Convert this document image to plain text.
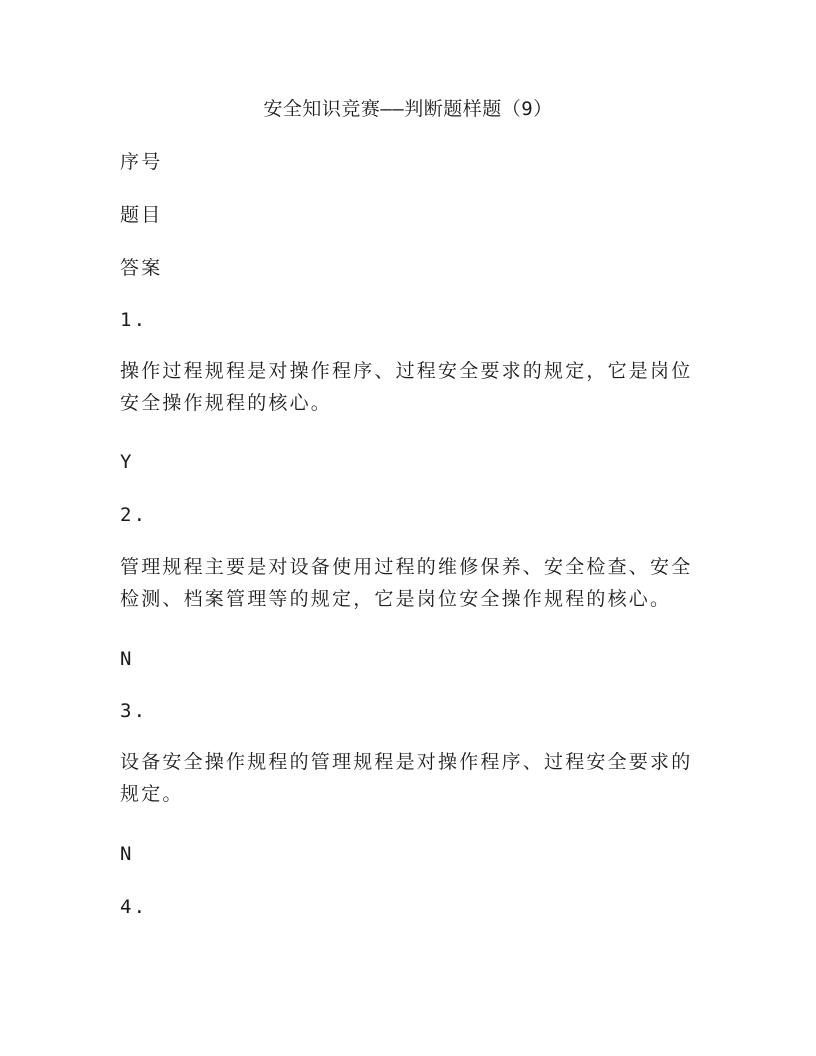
安全知识竞赛——判断题样题（9）
序号
题目
答案
1.
操作过程规程是对操作程序、过程安全要求的规定，它是岗位安全操作规程的核心。
Y
2.
管理规程主要是对设备使用过程的维修保养、安全检查、安全检测、档案管理等的规定，它是岗位安全操作规程的核心。
N
3.
设备安全操作规程的管理规程是对操作程序、过程安全要求的规定。
N
4.
